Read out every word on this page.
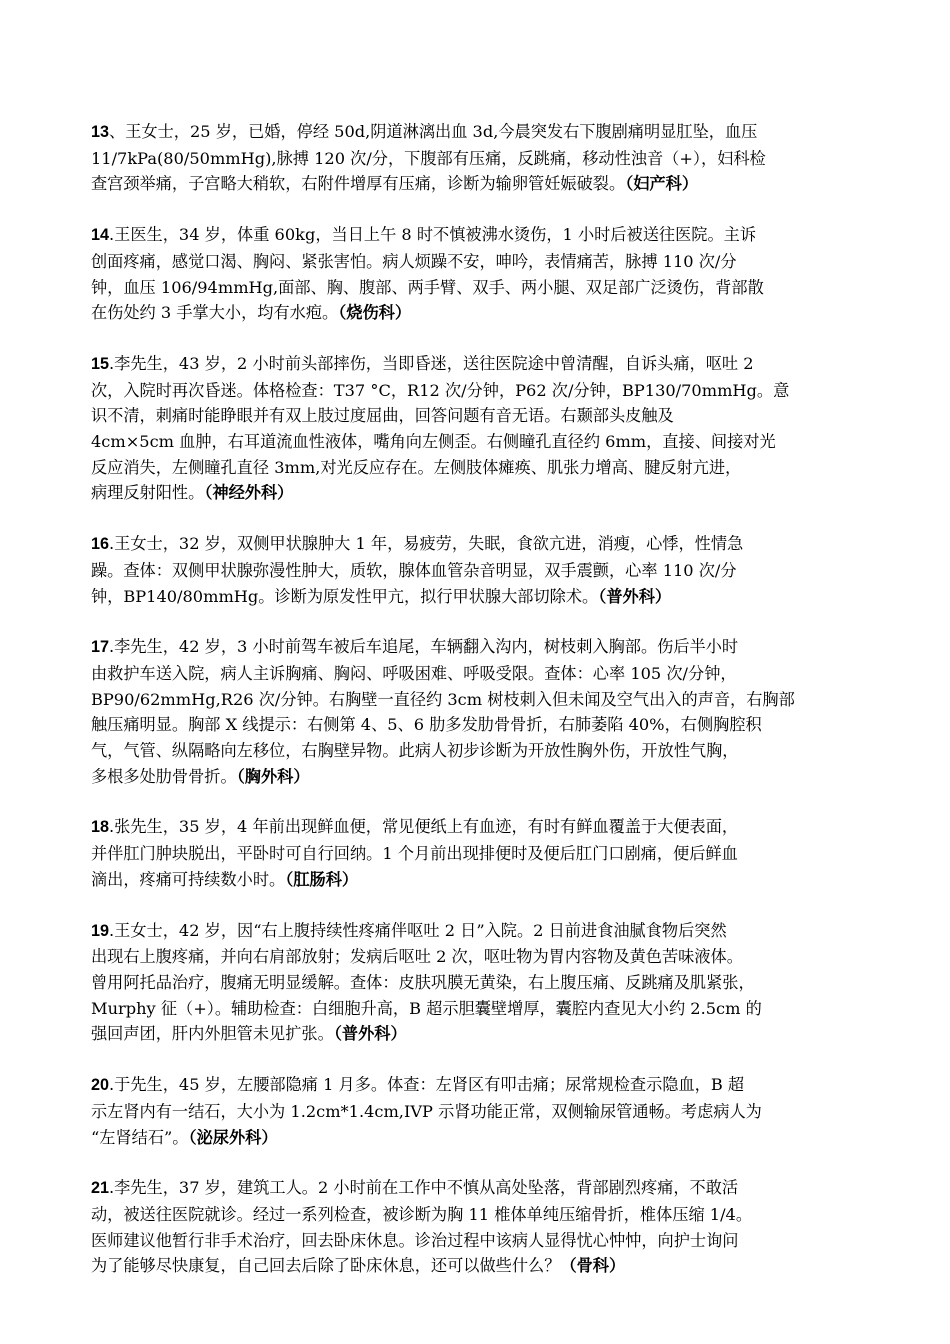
13、王女士，25 岁，已婚，停经 50d,阴道淋漓出血 3d,今晨突发右下腹剧痛明显肛坠，血压
11/7kPa(80/50mmHg),脉搏 120 次/分，下腹部有压痛，反跳痛，移动性浊音（+），妇科检
查宫颈举痛，子宫略大稍软，右附件增厚有压痛，诊断为输卵管妊娠破裂。（妇产科）
14.王医生，34 岁，体重 60kg，当日上午 8 时不慎被沸水烫伤，1 小时后被送往医院。主诉
创面疼痛，感觉口渴、胸闷、紧张害怕。病人烦躁不安，呻吟，表情痛苦，脉搏 110 次/分
钟，血压 106/94mmHg,面部、胸、腹部、两手臂、双手、两小腿、双足部广泛烫伤，背部散
在伤处约 3 手掌大小，均有水疱。（烧伤科）
15.李先生，43 岁，2 小时前头部摔伤，当即昏迷，送往医院途中曾清醒，自诉头痛，呕吐 2
次，入院时再次昏迷。体格检查：T37 °C，R12 次/分钟，P62 次/分钟，BP130/70mmHg。意
识不清，刺痛时能睁眼并有双上肢过度屈曲，回答问题有音无语。右颞部头皮触及
4cm×5cm 血肿，右耳道流血性液体，嘴角向左侧歪。右侧瞳孔直径约 6mm，直接、间接对光
反应消失，左侧瞳孔直径 3mm,对光反应存在。左侧肢体瘫痪、肌张力增高、腱反射亢进，
病理反射阳性。（神经外科）
16.王女士，32 岁，双侧甲状腺肿大 1 年，易疲劳，失眠，食欲亢进，消瘦，心悸，性情急
躁。查体：双侧甲状腺弥漫性肿大，质软，腺体血管杂音明显，双手震颤，心率 110 次/分
钟，BP140/80mmHg。诊断为原发性甲亢，拟行甲状腺大部切除术。（普外科）
17.李先生，42 岁，3 小时前驾车被后车追尾，车辆翻入沟内，树枝刺入胸部。伤后半小时
由救护车送入院，病人主诉胸痛、胸闷、呼吸困难、呼吸受限。查体：心率 105 次/分钟，
BP90/62mmHg,R26 次/分钟。右胸壁一直径约 3cm 树枝刺入但未闻及空气出入的声音，右胸部
触压痛明显。胸部 X 线提示：右侧第 4、5、6 肋多发肋骨骨折，右肺萎陷 40%，右侧胸腔积
气，气管、纵隔略向左移位，右胸壁异物。此病人初步诊断为开放性胸外伤，开放性气胸，
多根多处肋骨骨折。（胸外科）
18.张先生，35 岁，4 年前出现鲜血便，常见便纸上有血迹，有时有鲜血覆盖于大便表面，
并伴肛门肿块脱出，平卧时可自行回纳。1 个月前出现排便时及便后肛门口剧痛，便后鲜血
滴出，疼痛可持续数小时。（肛肠科）
19.王女士，42 岁，因“右上腹持续性疼痛伴呕吐 2 日”入院。2 日前进食油腻食物后突然
出现右上腹疼痛，并向右肩部放射；发病后呕吐 2 次，呕吐物为胃内容物及黄色苦味液体。
曾用阿托品治疗，腹痛无明显缓解。查体：皮肤巩膜无黄染，右上腹压痛、反跳痛及肌紧张，
Murphy 征（+）。辅助检查：白细胞升高，B 超示胆囊壁增厚，囊腔内查见大小约 2.5cm 的
强回声团，肝内外胆管未见扩张。（普外科）
20.于先生，45 岁，左腰部隐痛 1 月多。体查：左肾区有叩击痛；尿常规检查示隐血，B 超
示左肾内有一结石，大小为 1.2cm*1.4cm,IVP 示肾功能正常，双侧输尿管通畅。考虑病人为
“左肾结石”。（泌尿外科）
21.李先生，37 岁，建筑工人。2 小时前在工作中不慎从高处坠落，背部剧烈疼痛，不敢活
动，被送往医院就诊。经过一系列检查，被诊断为胸 11 椎体单纯压缩骨折，椎体压缩 1/4。
医师建议他暂行非手术治疗，回去卧床休息。诊治过程中该病人显得忧心忡忡，向护士询问
为了能够尽快康复，自己回去后除了卧床休息，还可以做些什么？（骨科）
